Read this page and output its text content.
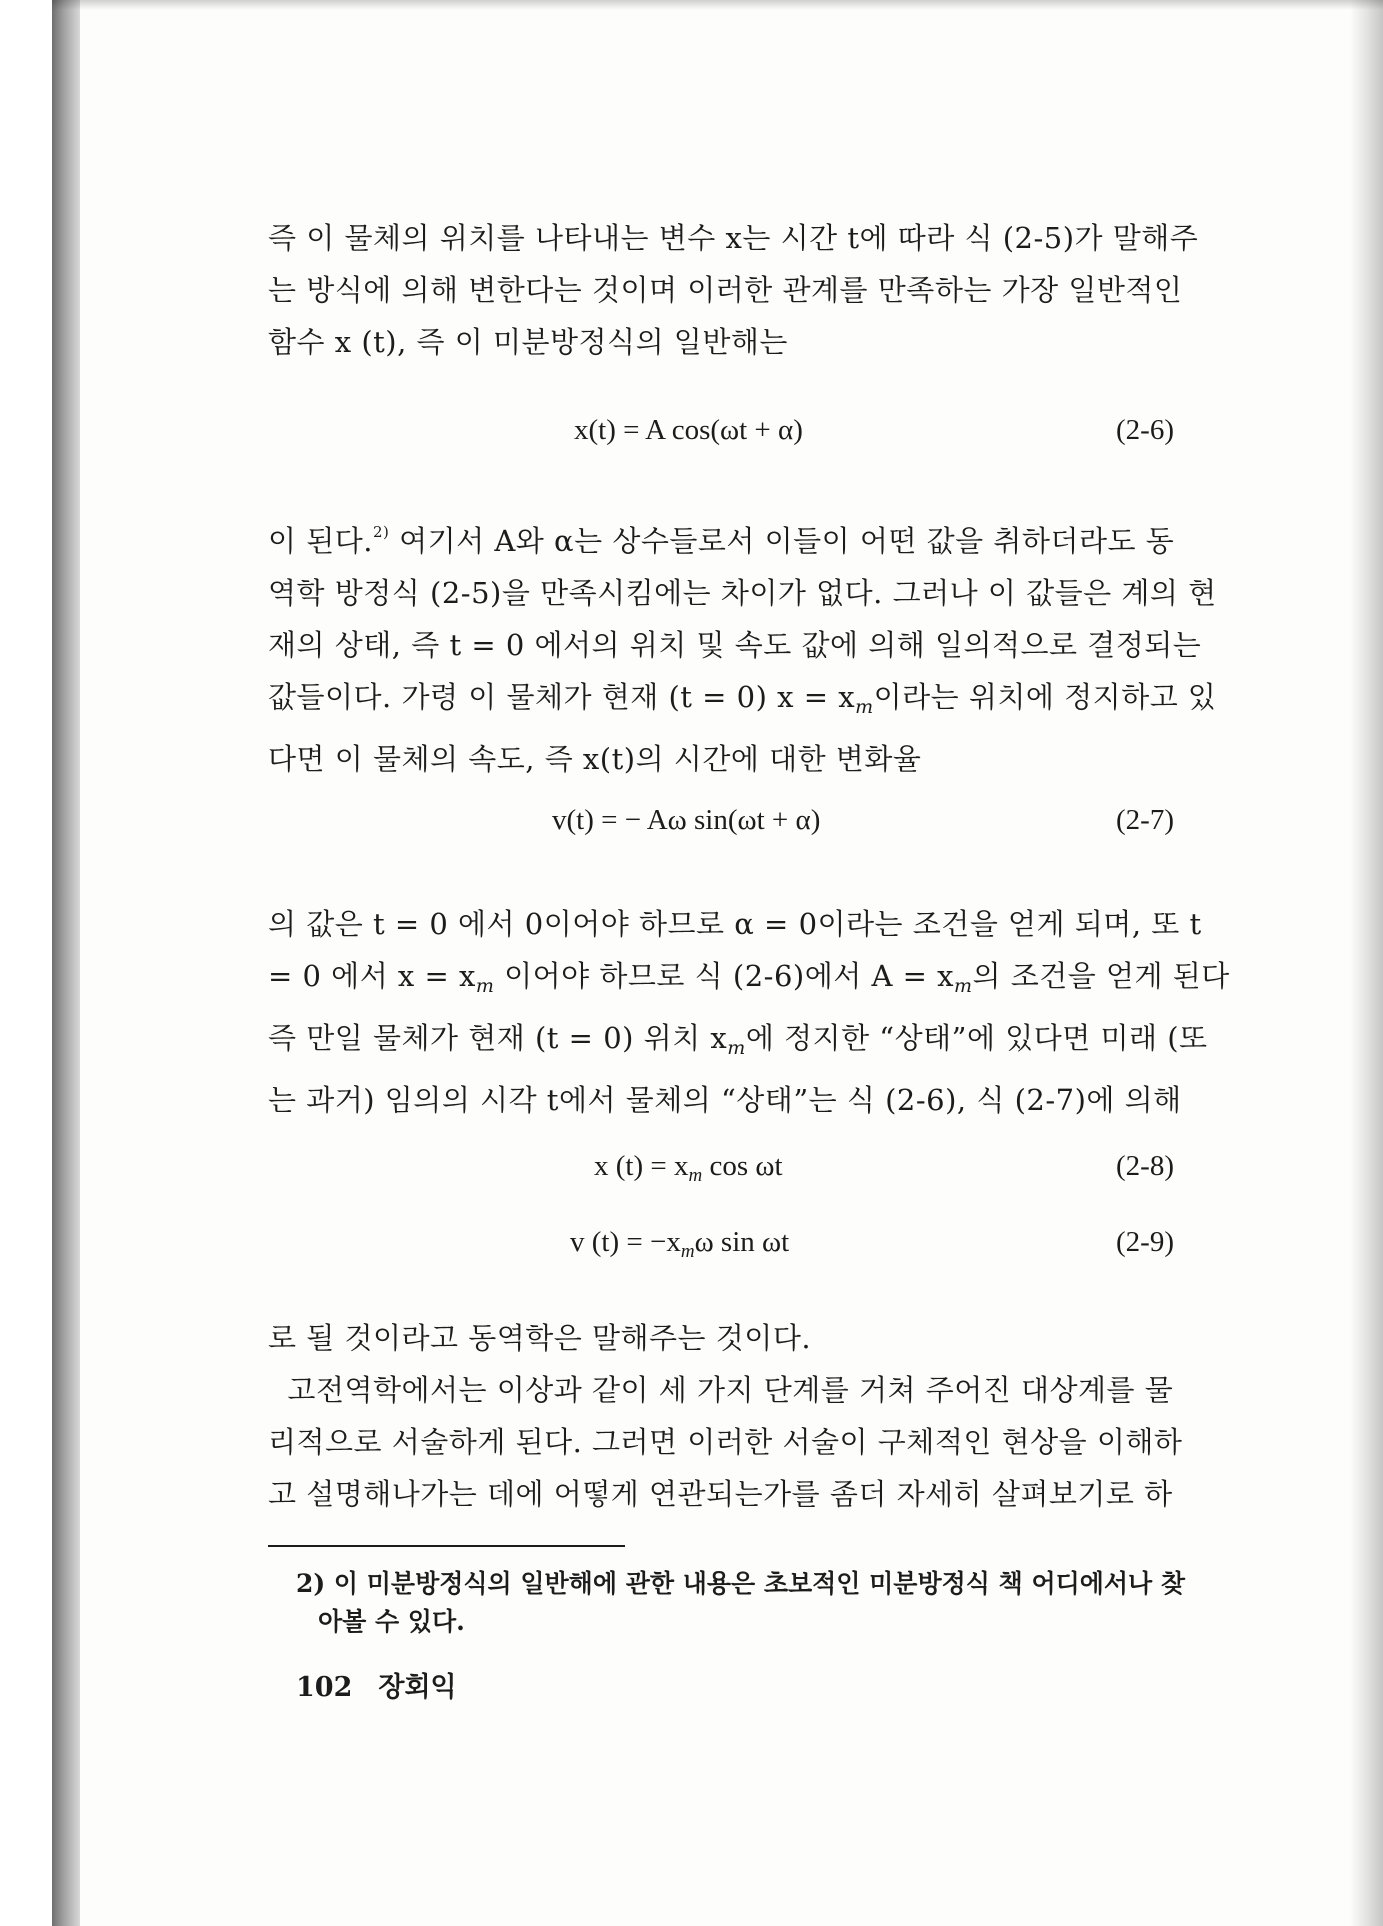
즉 이 물체의 위치를 나타내는 변수 x는 시간 t에 따라 식 (2-5)가 말해주
는 방식에 의해 변한다는 것이며 이러한 관계를 만족하는 가장 일반적인
함수 x (t), 즉 이 미분방정식의 일반해는
x(t) = A cos(ωt + α)	(2-6)
이 된다.$^{2)}$ 여기서 A와 α는 상수들로서 이들이 어떤 값을 취하더라도 동
역학 방정식 (2-5)을 만족시킴에는 차이가 없다. 그러나 이 값들은 계의 현
재의 상태, 즉 t = 0 에서의 위치 및 속도 값에 의해 일의적으로 결정되는
값들이다. 가령 이 물체가 현재 (t = 0) $x = x_m$이라는 위치에 정지하고 있
다면 이 물체의 속도, 즉 x(t)의 시간에 대한 변화율
v(t) = − Aω sin(ωt + α)	(2-7)
의 값은 t = 0 에서 0이어야 하므로 α = 0이라는 조건을 얻게 되며, 또 t
= 0 에서 $x = x_m$ 이어야 하므로 식 (2-6)에서 $A = x_m$의 조건을 얻게 된다
즉 만일 물체가 현재 (t = 0) 위치 $x_m$에 정지한 “상태”에 있다면 미래 (또
는 과거) 임의의 시각 t에서 물체의 “상태”는 식 (2-6), 식 (2-7)에 의해
x $(t) = x_m$ cos ωt	(2-8)
v $(t) = -x_m\omega$ sin ωt	(2-9)
로 될 것이라고 동역학은 말해주는 것이다.
고전역학에서는 이상과 같이 세 가지 단계를 거쳐 주어진 대상계를 물
리적으로 서술하게 된다. 그러면 이러한 서술이 구체적인 현상을 이해하
고 설명해나가는 데에 어떻게 연관되는가를 좀더 자세히 살펴보기로 하
2) 이 미분방정식의 일반해에 관한 내용은 초보적인 미분방정식 책 어디에서나 찾
아볼 수 있다.
102 장회익
